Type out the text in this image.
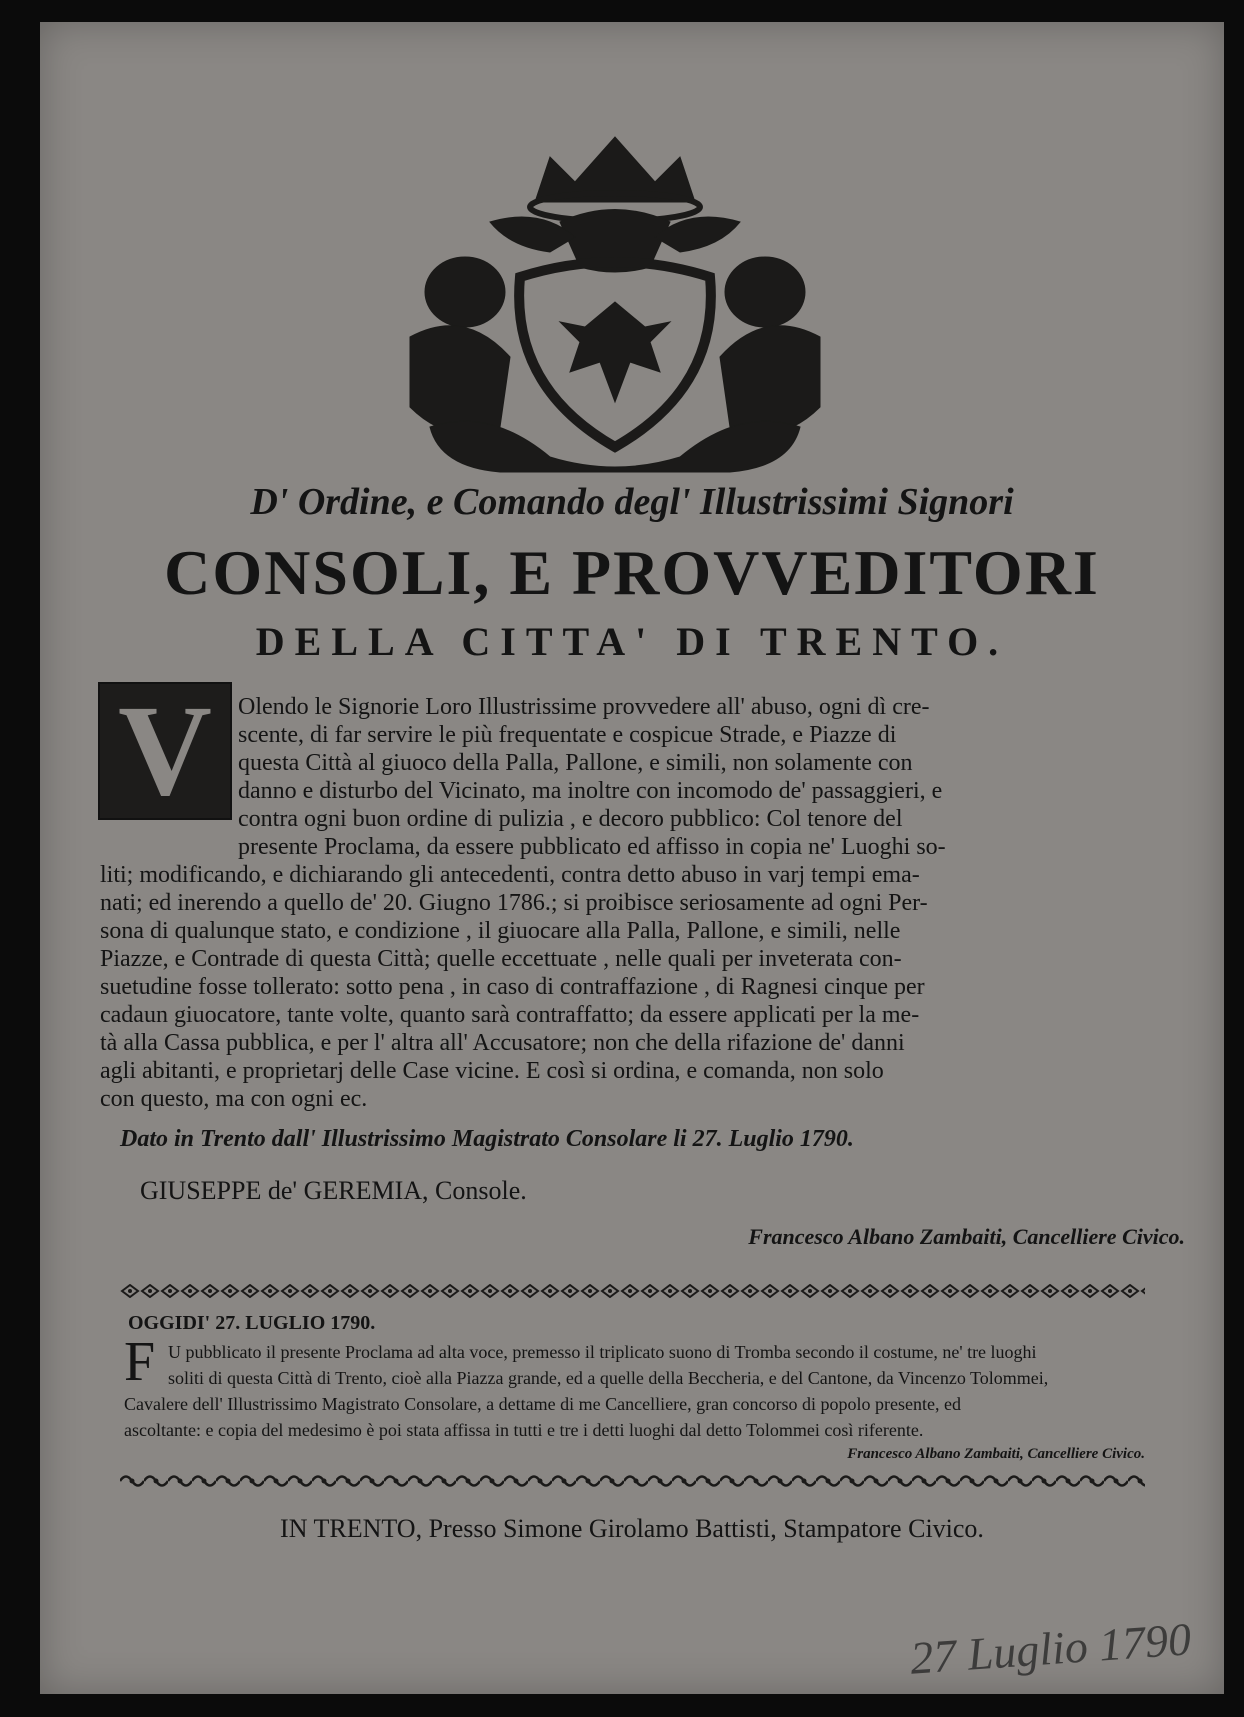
D' Ordine, e Comando degl' Illustrissimi Signori
CONSOLI, E PROVVEDITORI
DELLA CITTA' DI TRENTO.
V	Olendo le Signorie Loro Illustrissime provvedere all' abuso, ogni dì cre-
scente, di far servire le più frequentate e cospicue Strade, e Piazze di
questa Città al giuoco della Palla, Pallone, e simili, non solamente con
danno e disturbo del Vicinato, ma inoltre con incomodo de' passaggieri, e
contra ogni buon ordine di pulizia , e decoro pubblico: Col tenore del
presente Proclama, da essere pubblicato ed affisso in copia ne' Luoghi so-
liti; modificando, e dichiarando gli antecedenti, contra detto abuso in varj tempi ema-
nati; ed inerendo a quello de' 20. Giugno 1786.; si proibisce seriosamente ad ogni Per-
sona di qualunque stato, e condizione , il giuocare alla Palla, Pallone, e simili, nelle
Piazze, e Contrade di questa Città; quelle eccettuate , nelle quali per inveterata con-
suetudine fosse tollerato: sotto pena , in caso di contraffazione , di Ragnesi cinque per
cadaun giuocatore, tante volte, quanto sarà contraffatto; da essere applicati per la me-
tà alla Cassa pubblica, e per l' altra all' Accusatore; non che della rifazione de' danni
agli abitanti, e proprietarj delle Case vicine. E così si ordina, e comanda, non solo
con questo, ma con ogni ec.
Dato in Trento dall' Illustrissimo Magistrato Consolare li 27. Luglio 1790.
GIUSEPPE de' GEREMIA, Console.
Francesco Albano Zambaiti, Cancelliere Civico.
OGGIDI' 27. LUGLIO 1790.
F U pubblicato il presente Proclama ad alta voce, premesso il triplicato suono di Tromba secondo il costume, ne' tre luoghi
soliti di questa Città di Trento, cioè alla Piazza grande, ed a quelle della Beccheria, e del Cantone, da Vincenzo Tolommei,
Cavalere dell' Illustrissimo Magistrato Consolare, a dettame di me Cancelliere, gran concorso di popolo presente, ed
ascoltante: e copia del medesimo è poi stata affissa in tutti e tre i detti luoghi dal detto Tolommei così riferente.
Francesco Albano Zambaiti, Cancelliere Civico.
IN TRENTO, Presso Simone Girolamo Battisti, Stampatore Civico.
27 Luglio 1790
